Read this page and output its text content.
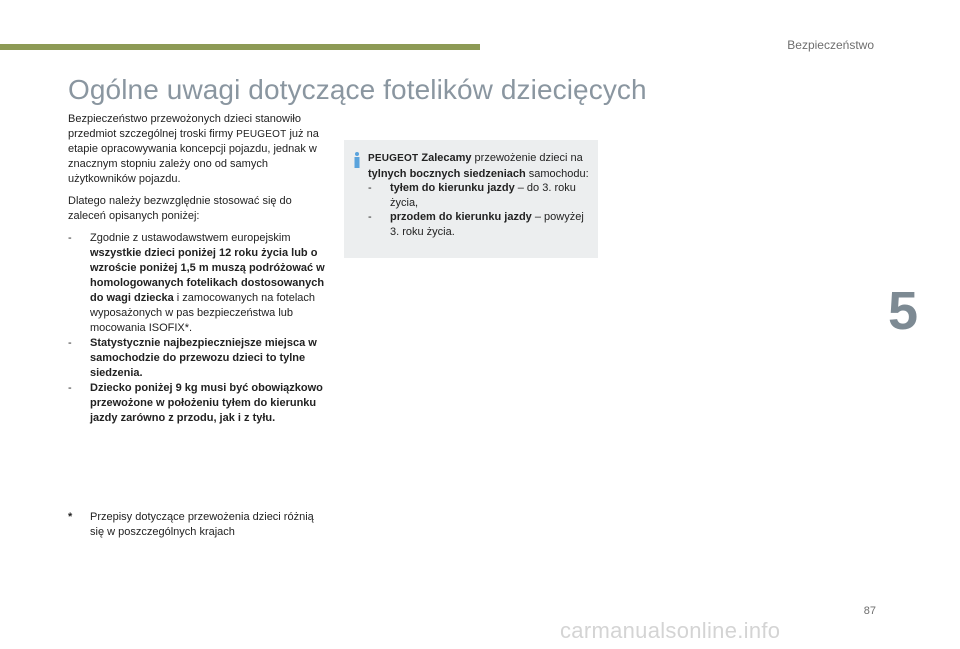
Bezpieczeństwo
Ogólne uwagi dotyczące fotelików dziecięcych

Bezpieczeństwo przewożonych dzieci stanowiło przedmiot szczególnej troski firmy PEUGEOT już na etapie opracowywania koncepcji pojazdu, jednak w znacznym stopniu zależy ono od samych użytkowników pojazdu.

Dlatego należy bezwzględnie stosować się do zaleceń opisanych poniżej:

- Zgodnie z ustawodawstwem europejskim wszystkie dzieci poniżej 12 roku życia lub o wzroście poniżej 1,5 m muszą podróżować w homologowanych fotelikach dostosowanych do wagi dziecka i zamocowanych na fotelach wyposażonych w pas bezpieczeństwa lub mocowania ISOFIX*.
- Statystycznie najbezpieczniejsze miejsca w samochodzie do przewozu dzieci to tylne siedzenia.
- Dziecko poniżej 9 kg musi być obowiązkowo przewożone w położeniu tyłem do kierunku jazdy zarówno z przodu, jak i z tyłu.
* Przepisy dotyczące przewożenia dzieci różnią się w poszczególnych krajach

PEUGEOT Zalecamy przewożenie dzieci na tylnych bocznych siedzeniach samochodu:

- tyłem do kierunku jazdy – do 3. roku życia,
- przodem do kierunku jazdy – powyżej 3. roku życia.
5
87
carmanualsonline.info
